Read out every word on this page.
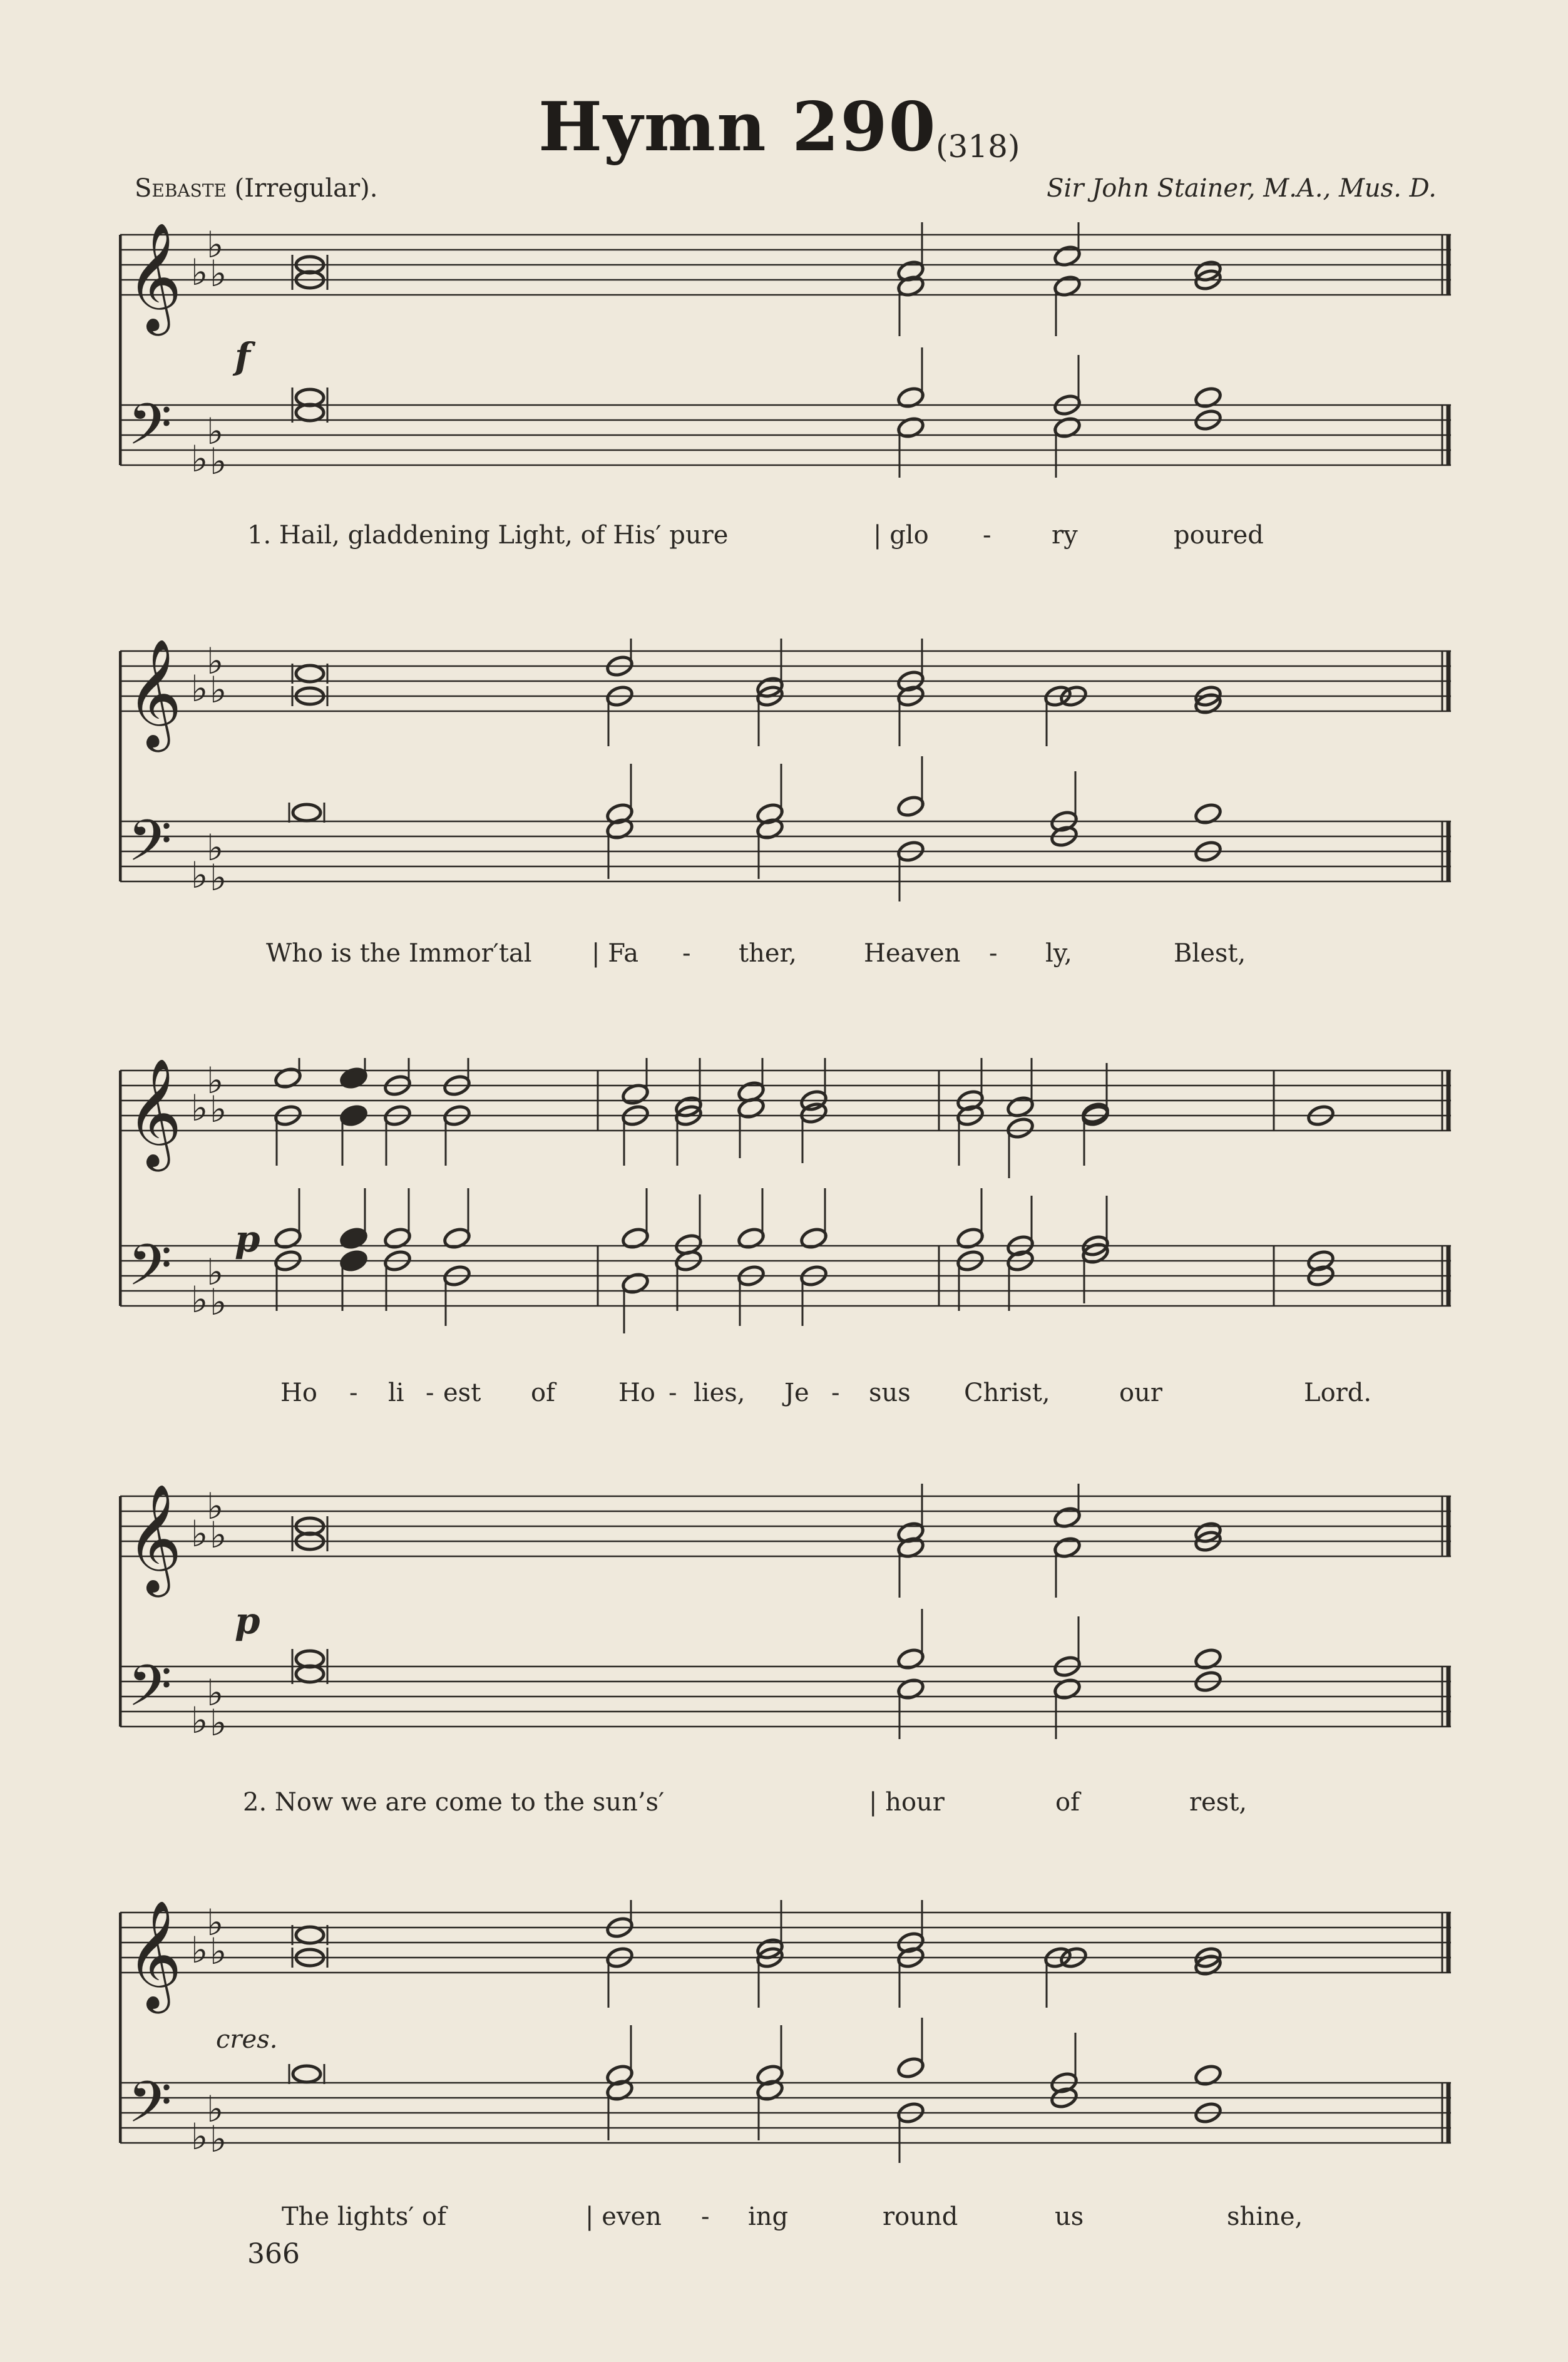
Hymn 290
(318)
Sebaste (Irregular).	Sir John Stainer, M.A., Mus. D.
𝄞
𝄢
♭
♭ ♭
♭
♭ ♭
f
1. Hail, gladdening Light, of His′ pure	| glo - ry	poured
𝄞
𝄢
♭
♭ ♭
♭
♭ ♭
Who is the Immor′tal | Fa - ther,	Heaven - ly,	Blest,
𝄞
𝄢
♭
♭ ♭
♭
♭ ♭
p
Ho - li - est of	Ho - lies, Je - sus Christ,	our	Lord.
𝄞
𝄢
♭
♭ ♭
♭
♭ ♭
p
2. Now we are come to the sun’s′	| hour	of	rest,
𝄞
𝄢
♭
♭ ♭
♭
♭ ♭
cres.
The lights′ of	| even - ing	round	us	shine,
366
